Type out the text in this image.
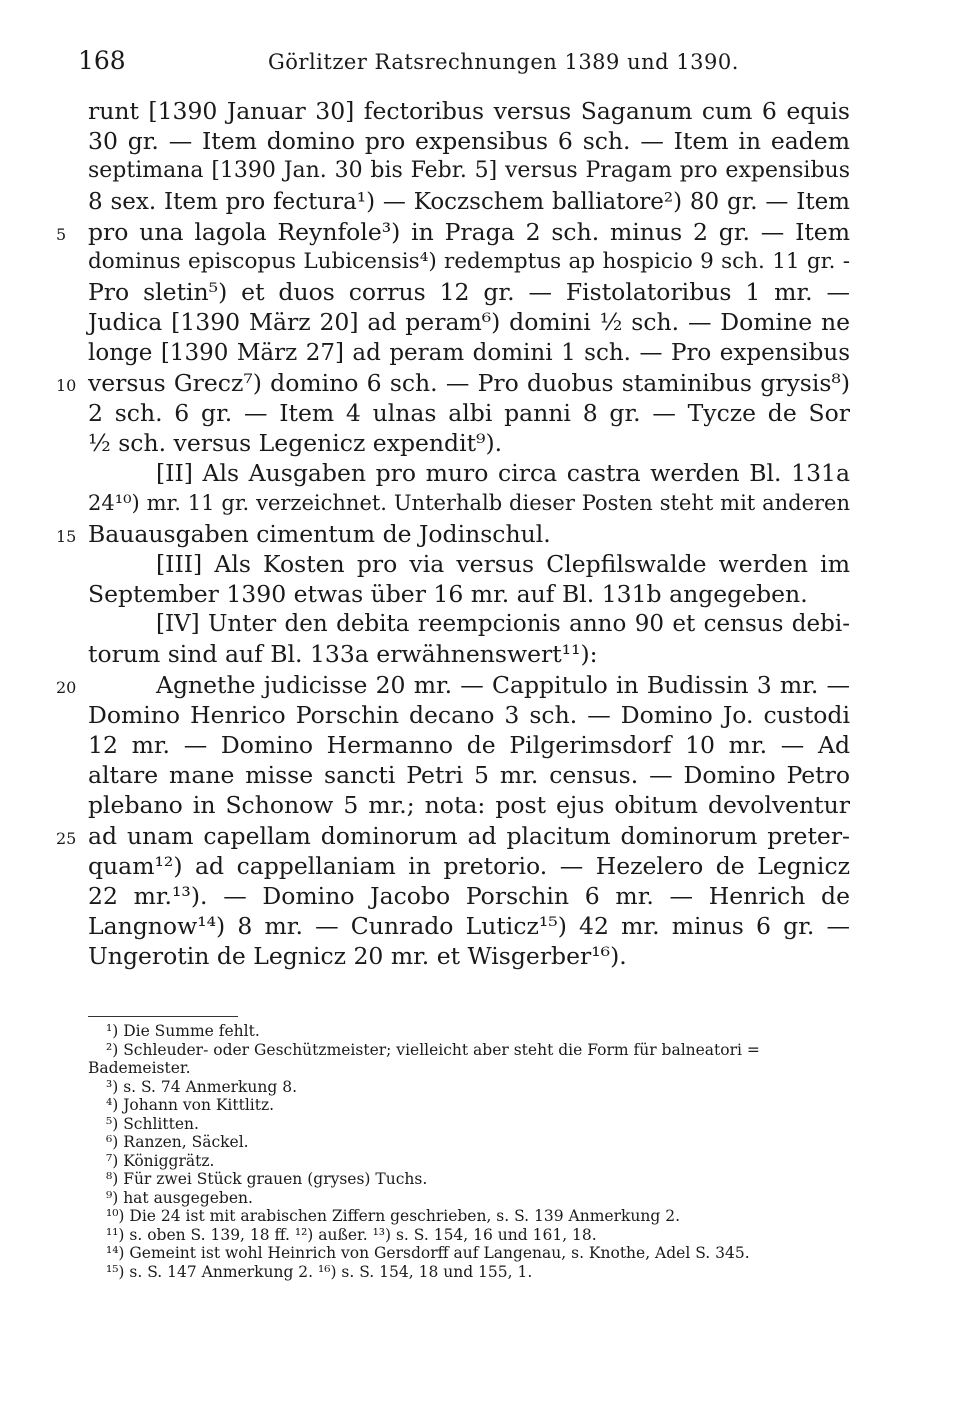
168	Görlitzer Ratsrechnungen 1389 und 1390.
runt [1390 Januar 30] fectoribus versus Saganum cum 6 equis
30 gr. — Item domino pro expensibus 6 sch. — Item in eadem
septimana [1390 Jan. 30 bis Febr. 5] versus Pragam pro expensibus
8 sex. Item pro fectura¹) — Koczschem balliatore²) 80 gr. — Item
5 pro una lagola Reynfole³) in Praga 2 sch. minus 2 gr. — Item
dominus episcopus Lubicensis⁴) redemptus ap hospicio 9 sch. 11 gr. -
Pro sletin⁵) et duos corrus 12 gr. — Fistolatoribus 1 mr. —
Judica [1390 März 20] ad peram⁶) domini ½ sch. — Domine ne
longe [1390 März 27] ad peram domini 1 sch. — Pro expensibus
10 versus Grecz⁷) domino 6 sch. — Pro duobus staminibus grysis⁸)
2 sch. 6 gr. — Item 4 ulnas albi panni 8 gr. — Tycze de Sor
½ sch. versus Legenicz expendit⁹).
[II] Als Ausgaben pro muro circa castra werden Bl. 131a
24¹⁰) mr. 11 gr. verzeichnet. Unterhalb dieser Posten steht mit anderen
15 Bauausgaben cimentum de Jodinschul.
[III] Als Kosten pro via versus Clepfilswalde werden im
September 1390 etwas über 16 mr. auf Bl. 131b angegeben.
[IV] Unter den debita reempcionis anno 90 et census debi-
torum sind auf Bl. 133a erwähnenswert¹¹):
20	Agnethe judicisse 20 mr. — Cappitulo in Budissin 3 mr. —
Domino Henrico Porschin decano 3 sch. — Domino Jo. custodi
12 mr. — Domino Hermanno de Pilgerimsdorf 10 mr. — Ad
altare mane misse sancti Petri 5 mr. census. — Domino Petro
plebano in Schonow 5 mr.; nota: post ejus obitum devolventur
25 ad unam capellam dominorum ad placitum dominorum preter-
quam¹²) ad cappellaniam in pretorio. — Hezelero de Legnicz
22 mr.¹³). — Domino Jacobo Porschin 6 mr. — Henrich de
Langnow¹⁴) 8 mr. — Cunrado Luticz¹⁵) 42 mr. minus 6 gr. —
Ungerotin de Legnicz 20 mr. et Wisgerber¹⁶).
¹) Die Summe fehlt.
²) Schleuder- oder Geschützmeister; vielleicht aber steht die Form für balneatori =
Bademeister.
³) s. S. 74 Anmerkung 8.
⁴) Johann von Kittlitz.
⁵) Schlitten.
⁶) Ranzen, Säckel.
⁷) Königgrätz.
⁸) Für zwei Stück grauen (gryses) Tuchs.
⁹) hat ausgegeben.
¹⁰) Die 24 ist mit arabischen Ziffern geschrieben, s. S. 139 Anmerkung 2.
¹¹) s. oben S. 139, 18 ff. ¹²) außer. ¹³) s. S. 154, 16 und 161, 18.
¹⁴) Gemeint ist wohl Heinrich von Gersdorff auf Langenau, s. Knothe, Adel S. 345.
¹⁵) s. S. 147 Anmerkung 2. ¹⁶) s. S. 154, 18 und 155, 1.
